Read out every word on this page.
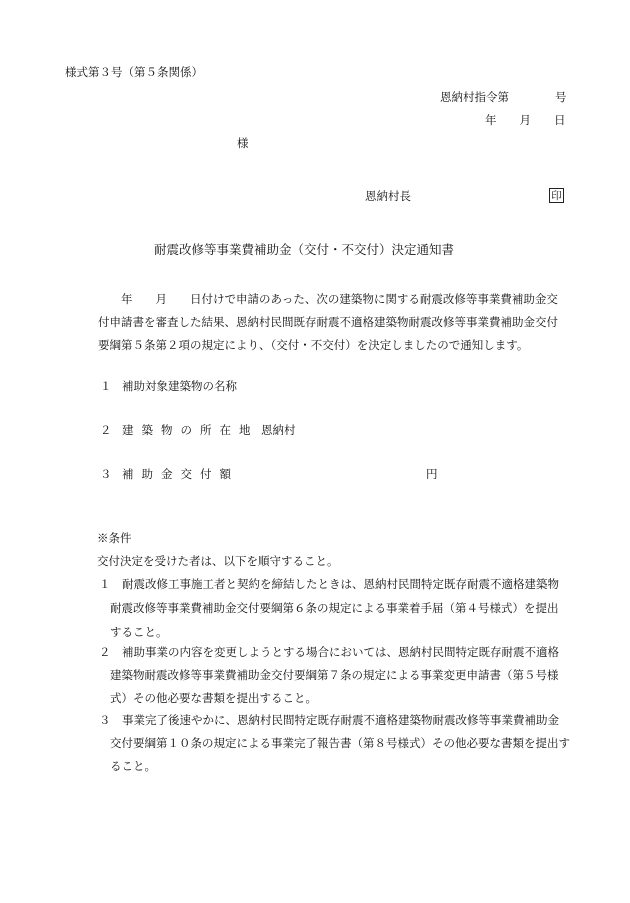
様式第３号（第５条関係）
恩納村指令第　　　　号
年　　月　　日
様
恩納村長	印
耐震改修等事業費補助金（交付・不交付）決定通知書
年　　月　　日付けで申請のあった、次の建築物に関する耐震改修等事業費補助金交
付申請書を審査した結果、恩納村民間既存耐震不適格建築物耐震改修等事業費補助金交付
要綱第５条第２項の規定により、（交付・不交付）を決定しましたので通知します。
１ 補助対象建築物の名称
２ 建築物の所在地 恩納村
３ 補助金交付額	円
※条件
交付決定を受けた者は、以下を順守すること。
１ 耐震改修工事施工者と契約を締結したときは、恩納村民間特定既存耐震不適格建築物
耐震改修等事業費補助金交付要綱第６条の規定による事業着手届（第４号様式）を提出
すること。
２ 補助事業の内容を変更しようとする場合においては、恩納村民間特定既存耐震不適格
建築物耐震改修等事業費補助金交付要綱第７条の規定による事業変更申請書（第５号様
式）その他必要な書類を提出すること。
３ 事業完了後速やかに、恩納村民間特定既存耐震不適格建築物耐震改修等事業費補助金
交付要綱第１０条の規定による事業完了報告書（第８号様式）その他必要な書類を提出す
ること。
